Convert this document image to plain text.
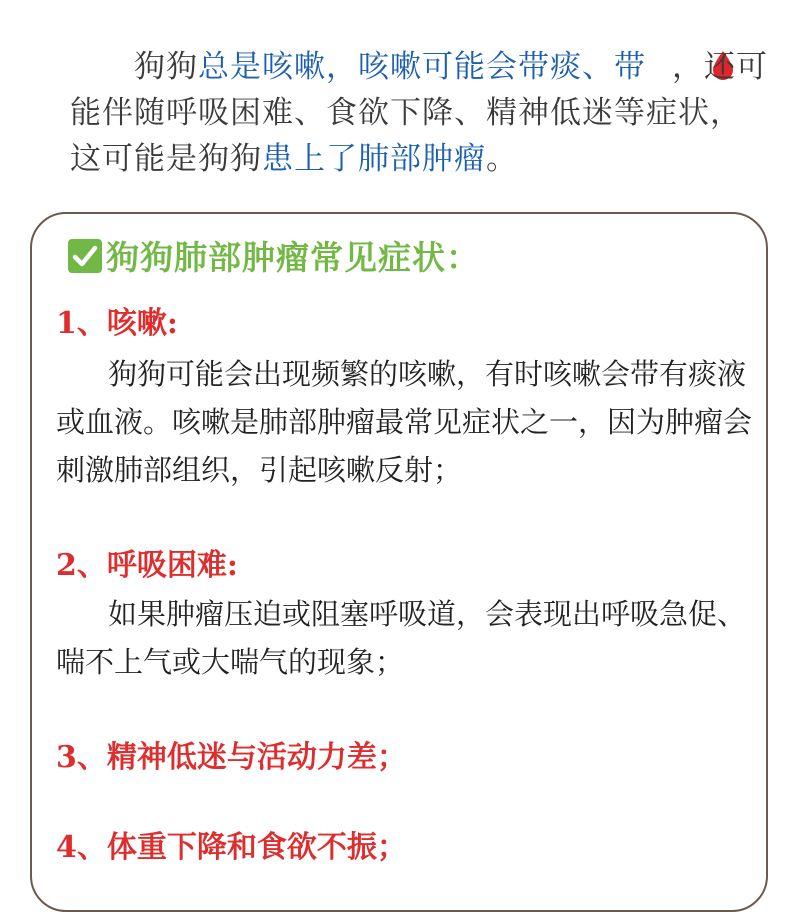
狗狗总是咳嗽，咳嗽可能会带痰、带 ，还可能伴随呼吸困难、食欲下降、精神低迷等症状，这可能是狗狗患上了肺部肿瘤。
狗狗肺部肿瘤常见症状：
1、咳嗽:
狗狗可能会出现频繁的咳嗽，有时咳嗽会带有痰液或血液。咳嗽是肺部肿瘤最常见症状之一，因为肿瘤会刺激肺部组织，引起咳嗽反射；
2、呼吸困难:
如果肿瘤压迫或阻塞呼吸道，会表现出呼吸急促、喘不上气或大喘气的现象；
3、精神低迷与活动力差；
4、体重下降和食欲不振；
